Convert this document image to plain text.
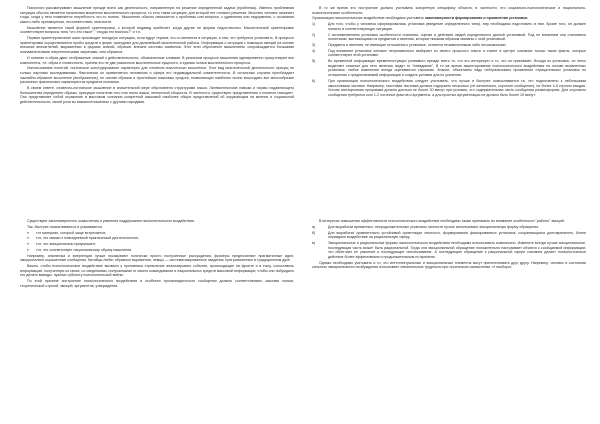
Психологи рассматривают мышление прежде всего как деятельность, направленную на решение определенной задачи (проблемы). Именно проблемная ситуация обычно является начальным моментом мыслительного процесса, то есть такая ситуация, для которой нет готового решения. Мыслить человек начинает тогда, когда у него появляется потребность что-то понять. Мышление обычно начинается с проблемы или вопроса, с удивления или недоумения, с осознания какого-либо противоречия, несоответствия, неясности.

Мышление является такой формой ориентировки, к которой индивид прибегает, когда другие ее формы недостаточны. Мыслительной ориентировке соответствуют вопросы типа "что это такое", "откуда это взялось?" и т.п.

Первые ориентировочные шаги производит исходную ситуацию, если вдруг теряем; что-то меняется в ситуации, и тем, что требуется установить. В процессе ориентировки осуществляются пробы средств и форм, пригодных для дальнейшей мыслительной работы. Информация о ситуации с помощью эмоций на основе внешних впечатлений, выраженных в формах знаний, образов, внешне системы символов. Этот этап обусловлен мышлением, сопровождается большими познавательными энергетическими затратами, чем образное.

И понятие и образ дают отображение знаний о действительности, обозначенные словами. В реальном процессе мышления одновременно присутствуют все компоненты, т.е. образ и словесность, причем это не две различные мыслительные сущности, а единая логика мыслительного процесса.

Использование понятий, логическое конструирование характерно для словесно-логического мышления. Этот вид мыслительной деятельности присущ не только научным исследованиям. Фактически он применяется человеком и сфера его индивидуальной компетентности. В остальных случаях преобладает наглядно-образное мышление (воображение), не основе образов и простейших языковых средств, позволяющих наиболее полно воссоздать все многообразие различных фактических характеристик предмета познания.

В своем ответе, словесно-логическое мышление в значительной мере обусловлено структурами языка. Лингвистические навыки и нормы подавляющего большинства определяют образы, присущие носителю того или иного языка, этнической общности. В частности, существуют представления о понятии «эмоция». Оно представляет собой отражение в массовом сознании конкретной языковой наиболее общих представлений об окружающем на мнение и социальной действительности, своей роли во взаимоотношениях с другими народами.

В то же время это построение должно учитывать конкретную специфику объекта, в частности, его социально-психологические и национально-психологические особенности.

Организация психологических воздействие необходимо учитывать закономерности формирования и проявления установок.

1)	Для того, чтобы у человека сформировалась установка (введение определенного типа), ему необходимо подготовить в нем. Кроме того, он должен попасть в соответствующую ситуацию.
2)	С возникновением установок особенности познания, оценки и действия людей определяются данной установкой. Под ее влиянием они становятся понятными, вытекающими из предметов и явления, которые никаким образом связаны с этой установкой.
3)	Предметы и явления, не имеющие отношения к установке, остаются незамеченными либо несознанными.
4)	Под влиянием установок человек непроизвольно выбирает из своего прошлого опыта и станет в центре сознания только такие факты, которые соответствуют этой установке.
5)	Во временной информации временностуации уловимого прежде всего то, что его интересует и то, что он принимает. Исходя из установок, он легко выделяет опасные для него явления, видит то "невидимое". В то же время акцентирование психологического воздействия на основе выявленных установок, любое изменение всегда оценивается спросимо. Знание, объективно надо нейтрализовать проявление отрицательных установок по отношению к предполагаемой информации и создать условия для их усиления.
6)	При организации психологического воздействия следует учитывать, что лучше и быстрее осмысливается та, что подготовлено к небольшими смысловыми частями. Например, текстовая листовка должна содержать несколько (не желательно, короткое сообщение), не более 4-5 строчек каждая. Устная агитационная программа должна длиться не более 30 минут при условии, что содержательная часть сообщения размеоформы. Для слухового сообщения требуются кого 1-2 логичное фактов и аргументы, а для простых аргументации не должно быть более 10 минут.

Существуют закономерности осмысления и усвоения поддержания психологического воздействия.

Так, быстрее осмысливаются и усваиваются:

➢	тот материал, который чаще встречается;
➢	тот, что связан с повседневной практической деятельностью;
➢	тот, что эмоционально приукрашен;
➢	тот, что соответствует национальному образу мышления.

Например, аналитика и эмергенция лучше показывают логически просто построенные рассуждения, фразеры предпочитают прагматичные идеи, эмоционально окрашенные сообщения. Китайцы любят образные выражения, немцы — систематизированные сведения, приграниченные в традиционном духе.

Важно, чтобы психологическое воздействие вызвало у противника стремление анализировать события, происходящие на фронте и в тылу, сопоставить информацию, полученную из своих, со сведениями, получаемыми от своего командования и национальных средств массовой информации, чтобы оно побуждало его делать выводы, нужные субъекту психологической войны.

По этой причине построение психологического воздействия и особенно пропагандистского сообщения должно соответствовать законам логики, теоретической строгой, эмоций, аргументов, утверждения.

В интересах повышения эффективности психологического воздействия необходимо также принимать во внимание особенности "работы" эмоций:

а)	Для выработки временных, непродолжительных установок личности лучше использовать эмоциональную форму обращения.
б)	Для выработки сравнительно устойчивой ориентации личности, формирования фиксированных установок, сохраняющихся долговременно, более оправдано воздействие на рациональную сферу.
в)	Эмоциональные и рациональные формы психологического воздействия необходимо использовать комплексно. Изменить всегда лучше эмоциональное, последующая часть может быть рациональной. Тогда она эмоциональной обращение положительно настраивает объекта к сообщаемой информации, что облегчает ее усвоение и последующее использование. А последующее обращение к рациональной сфере сознания делает психологическое действие более эффективным и продолжительным по времени.

Однако необходимо учитывать и то, что интеллектуальные и эмоциональные элементы могут препятствовать друг другу. Например, человек в состоянии сильного эмоционального возбуждения испытывает значительные трудности при логическом осмыслении. И наоборот,
